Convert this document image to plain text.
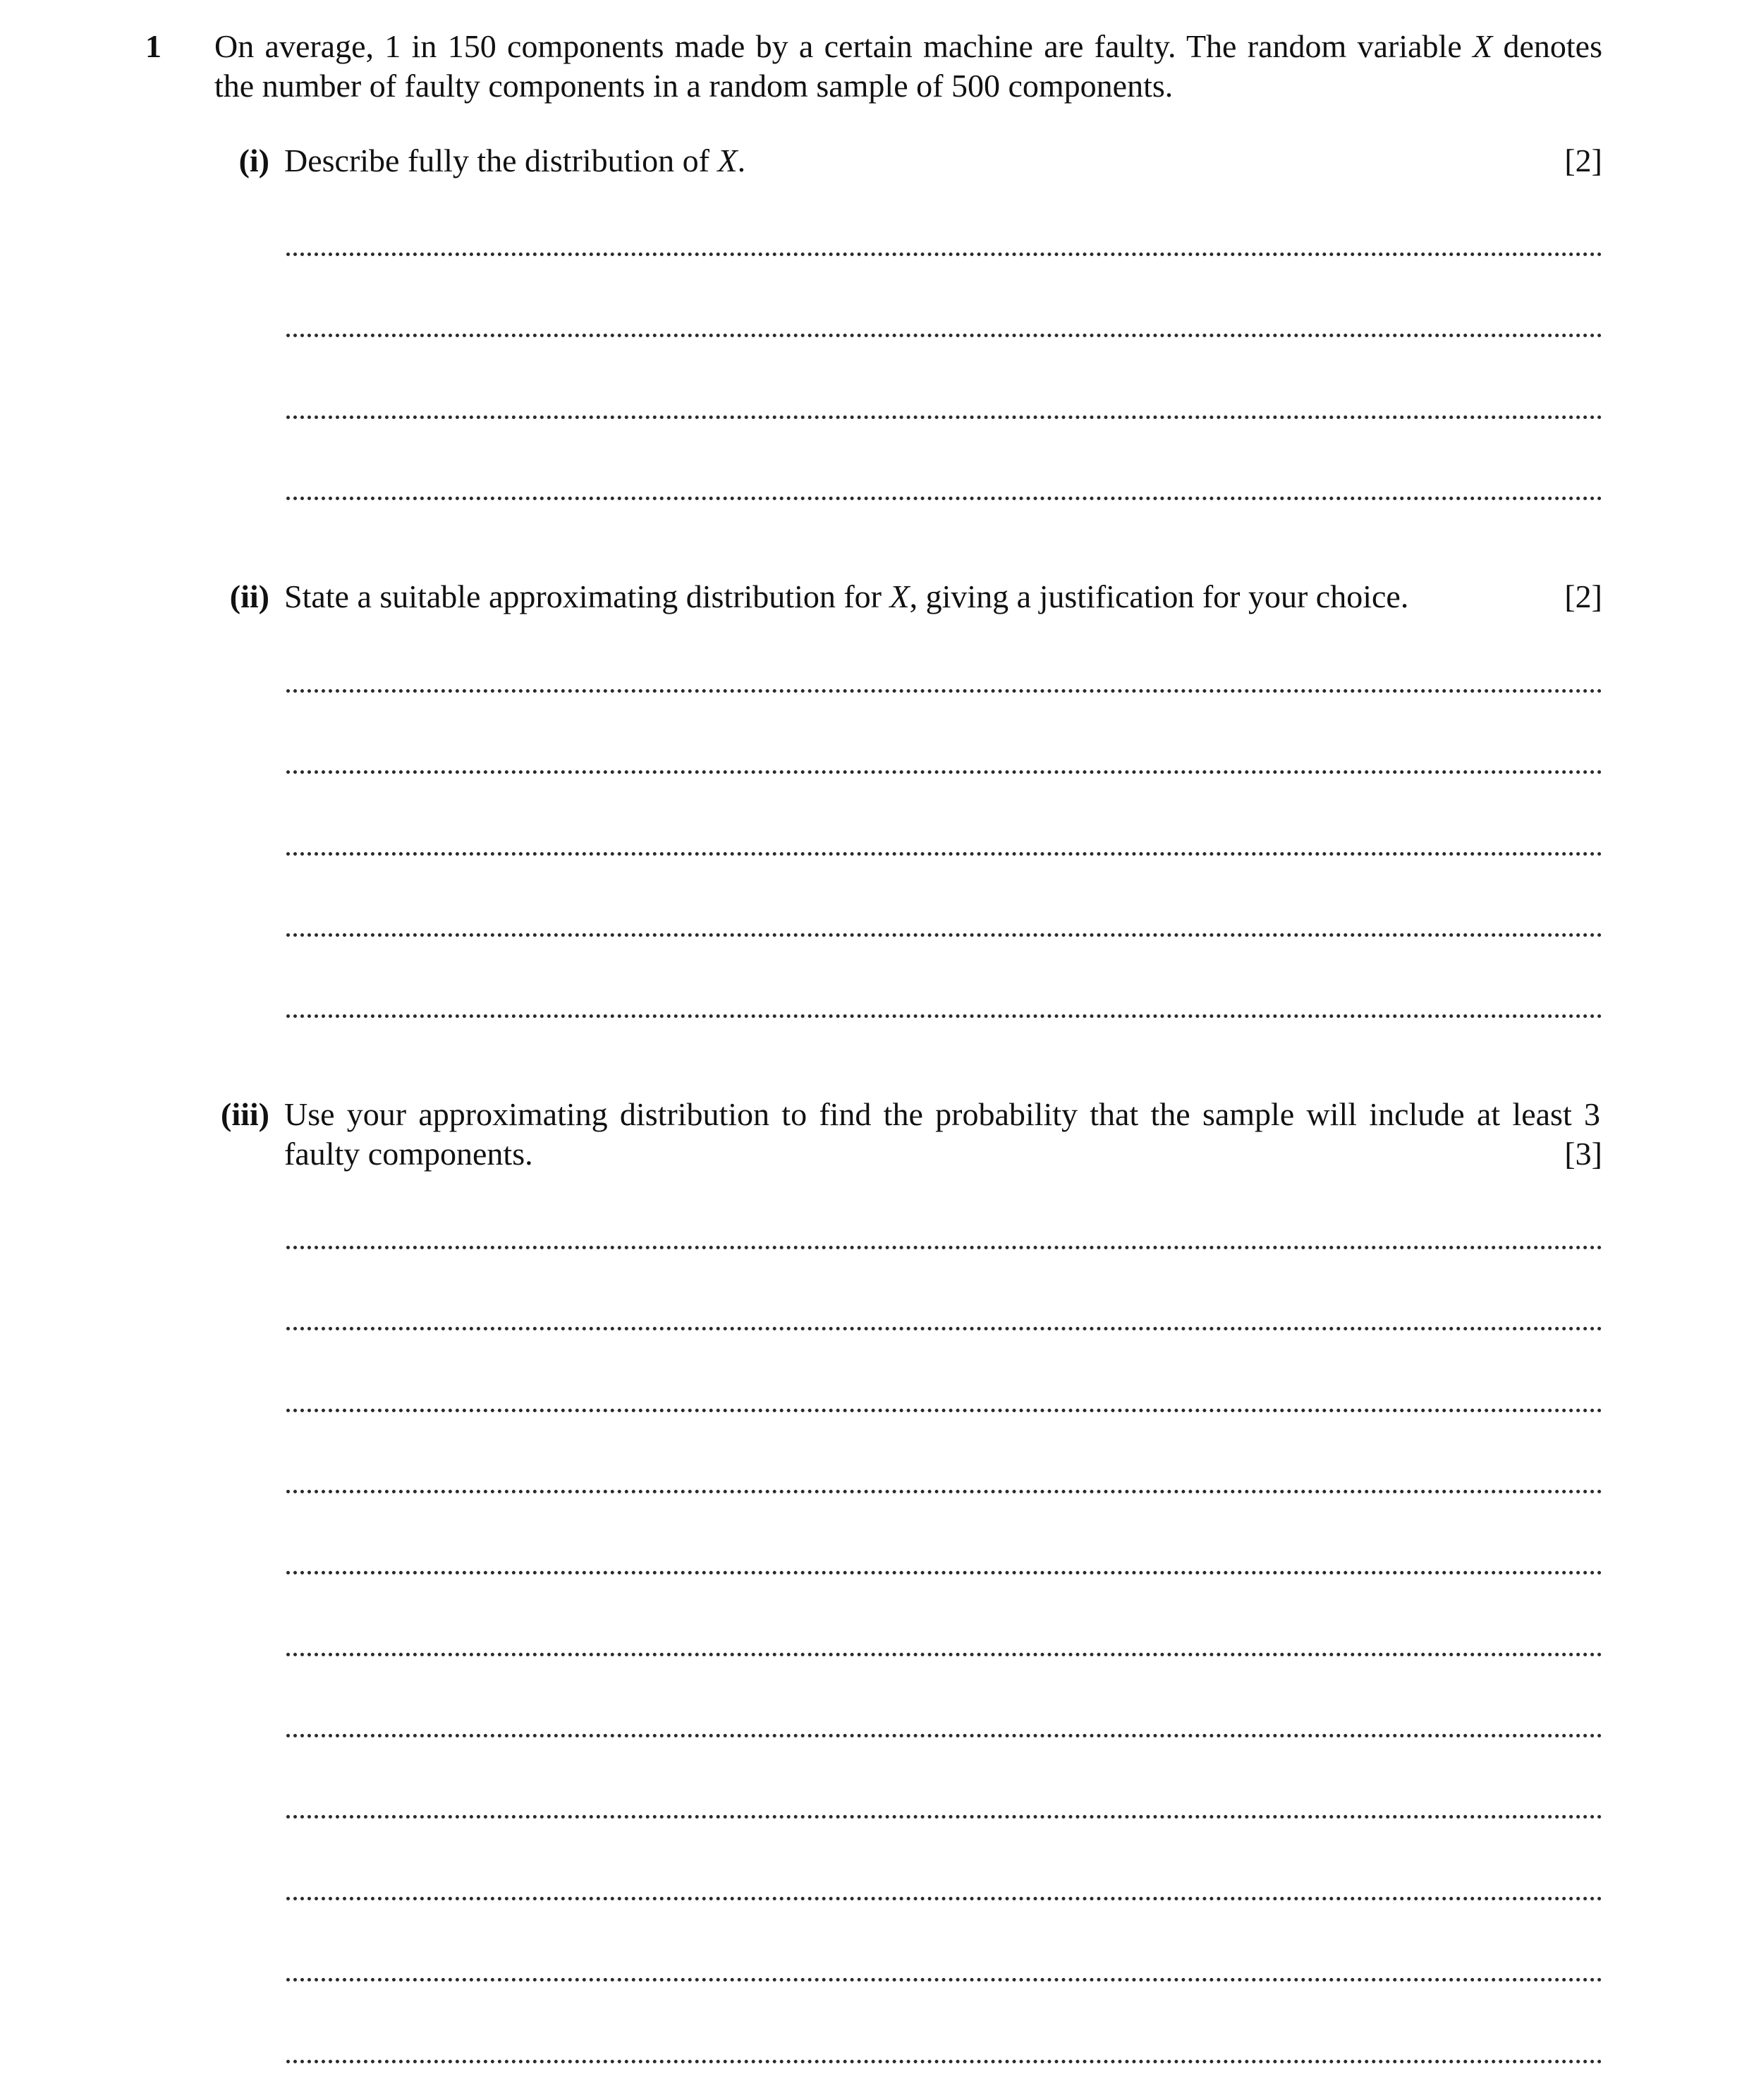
1 On average, 1 in 150 components made by a certain machine are faulty. The random variable X denotes the number of faulty components in a random sample of 500 components.
(i) Describe fully the distribution of X.	[2]
(ii) State a suitable approximating distribution for X, giving a justification for your choice.	[2]
(iii) Use your approximating distribution to find the probability that the sample will include at least 3 faulty components.	[3]
